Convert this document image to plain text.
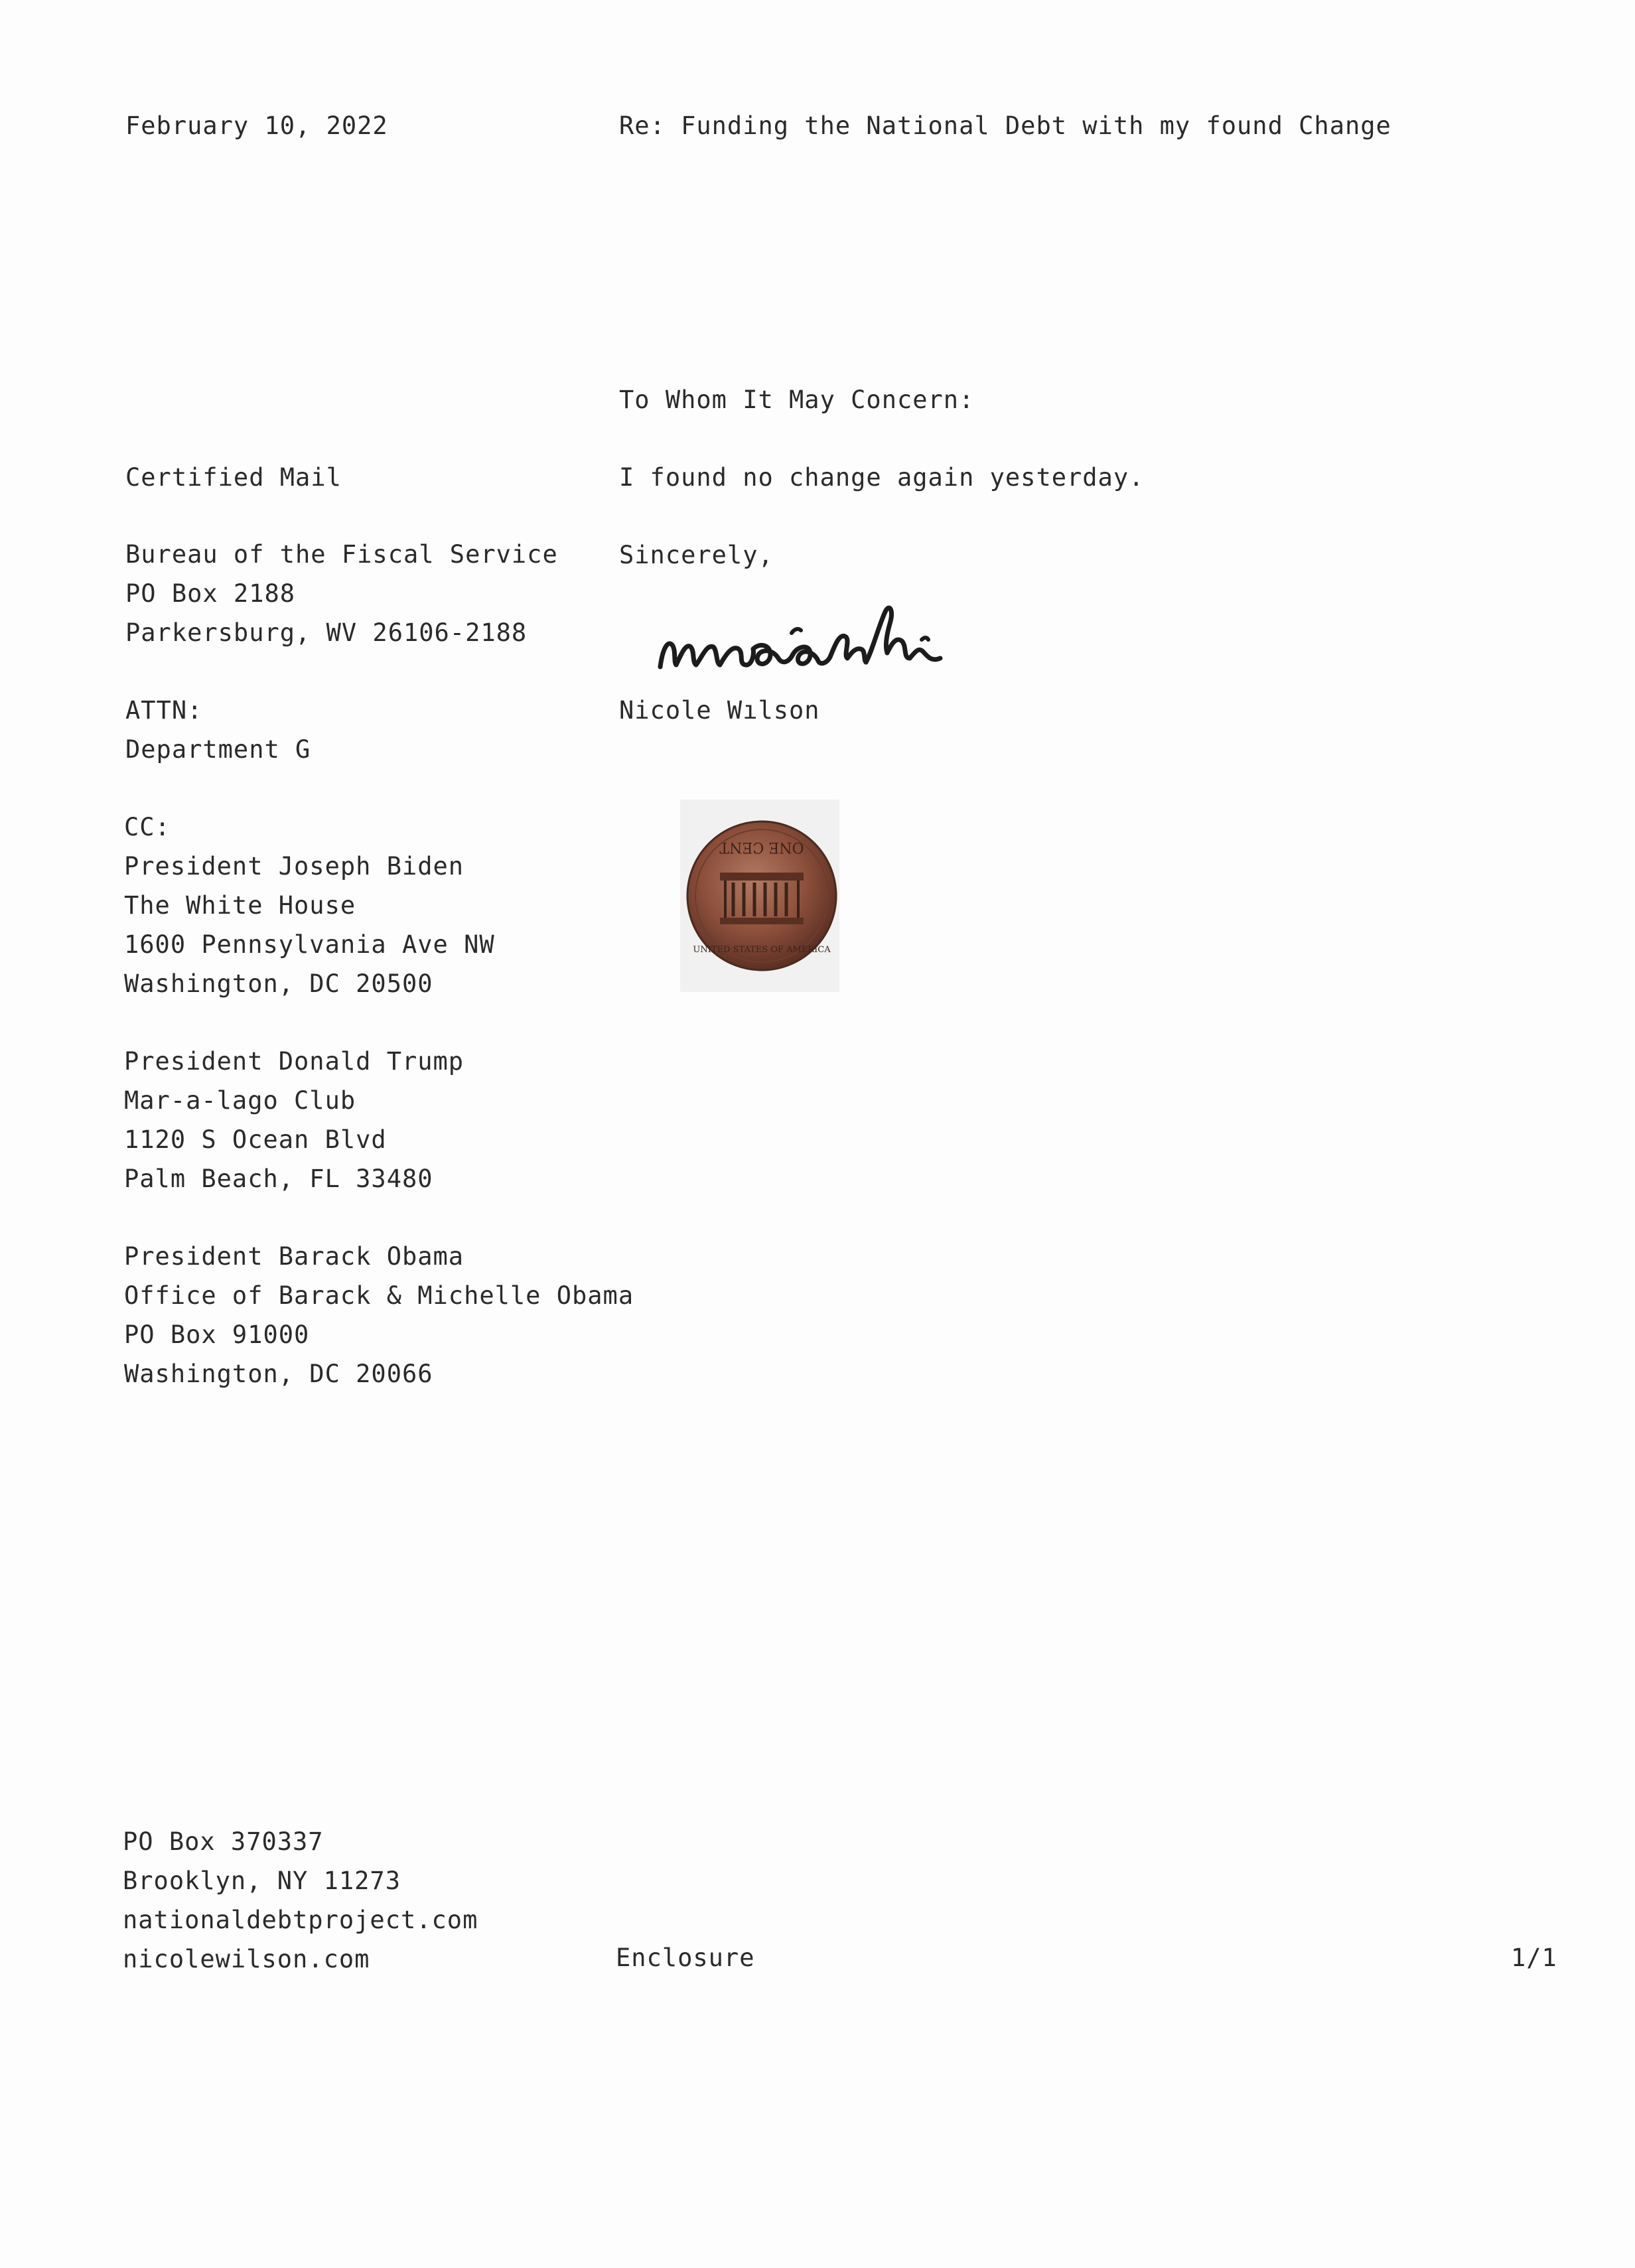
February 10, 2022	Re: Funding the National Debt with my found Change
To Whom It May Concern:
I found no change again yesterday.
Sincerely,
Nicole Wılson
ONE CENT
UNITED STATES OF AMERICA
Certified Mail
Bureau of the Fiscal Service
PO Box 2188
Parkersburg, WV 26106-2188
ATTN:
Department G
CC:
President Joseph Biden
The White House
1600 Pennsylvania Ave NW
Washington, DC 20500
President Donald Trump
Mar-a-lago Club
1120 S Ocean Blvd
Palm Beach, FL 33480
President Barack Obama
Office of Barack & Michelle Obama
PO Box 91000
Washington, DC 20066
PO Box 370337
Brooklyn, NY 11273
nationaldebtproject.com
nicolewilson.com	Enclosure	1/1
